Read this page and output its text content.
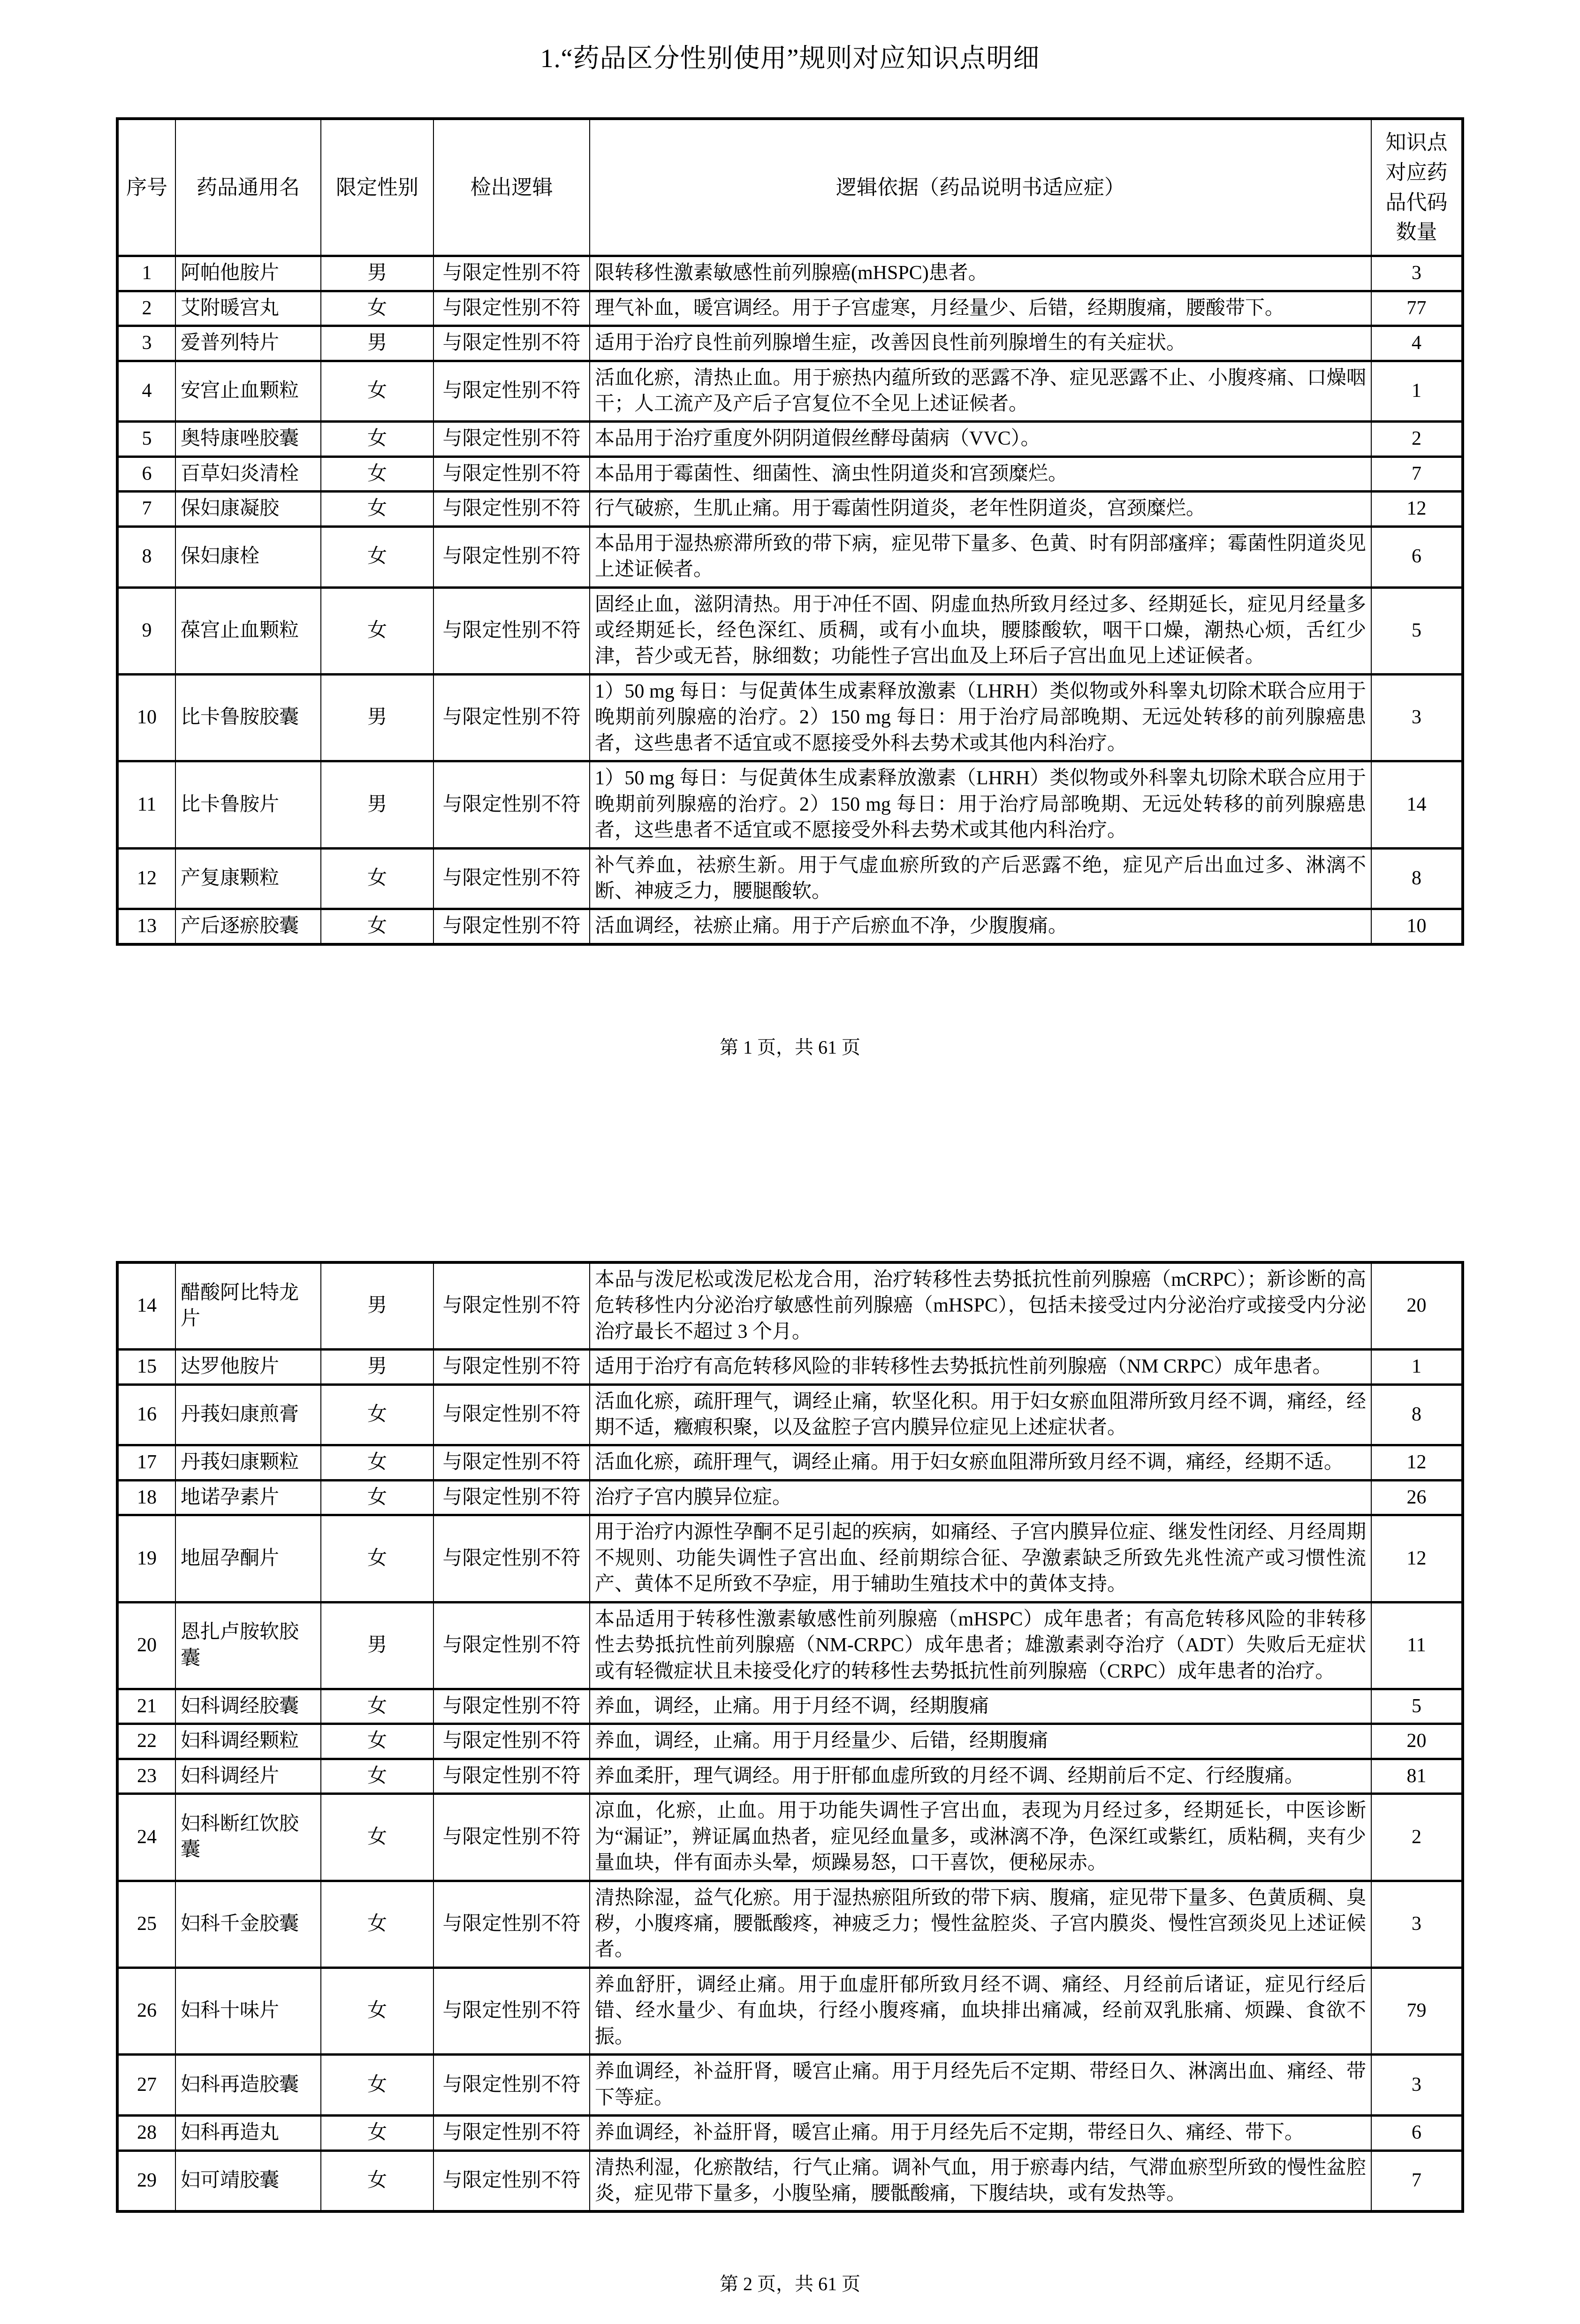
1.“药品区分性别使用”规则对应知识点明细
序号	药品通用名	限定性别	检出逻辑	逻辑依据（药品说明书适应症）	知识点对应药品代码数量
1	阿帕他胺片	男	与限定性别不符	限转移性激素敏感性前列腺癌(mHSPC)患者。	3
2	艾附暖宫丸	女	与限定性别不符	理气补血，暖宫调经。用于子宫虚寒，月经量少、后错，经期腹痛，腰酸带下。	77
3	爱普列特片	男	与限定性别不符	适用于治疗良性前列腺增生症，改善因良性前列腺增生的有关症状。	4
4	安宫止血颗粒	女	与限定性别不符	活血化瘀，清热止血。用于瘀热内蕴所致的恶露不净、症见恶露不止、小腹疼痛、口燥咽干；人工流产及产后子宫复位不全见上述证候者。	1
5	奥特康唑胶囊	女	与限定性别不符	本品用于治疗重度外阴阴道假丝酵母菌病（VVC）。	2
6	百草妇炎清栓	女	与限定性别不符	本品用于霉菌性、细菌性、滴虫性阴道炎和宫颈糜烂。	7
7	保妇康凝胶	女	与限定性别不符	行气破瘀，生肌止痛。用于霉菌性阴道炎，老年性阴道炎，宫颈糜烂。	12
8	保妇康栓	女	与限定性别不符	本品用于湿热瘀滞所致的带下病，症见带下量多、色黄、时有阴部瘙痒；霉菌性阴道炎见上述证候者。	6
9	葆宫止血颗粒	女	与限定性别不符	固经止血，滋阴清热。用于冲任不固、阴虚血热所致月经过多、经期延长，症见月经量多或经期延长，经色深红、质稠，或有小血块，腰膝酸软，咽干口燥，潮热心烦，舌红少津，苔少或无苔，脉细数；功能性子宫出血及上环后子宫出血见上述证候者。	5
10	比卡鲁胺胶囊	男	与限定性别不符	1）50 mg 每日：与促黄体生成素释放激素（LHRH）类似物或外科睾丸切除术联合应用于晚期前列腺癌的治疗。2）150 mg 每日：用于治疗局部晚期、无远处转移的前列腺癌患者，这些患者不适宜或不愿接受外科去势术或其他内科治疗。	3
11	比卡鲁胺片	男	与限定性别不符	1）50 mg 每日：与促黄体生成素释放激素（LHRH）类似物或外科睾丸切除术联合应用于晚期前列腺癌的治疗。2）150 mg 每日：用于治疗局部晚期、无远处转移的前列腺癌患者，这些患者不适宜或不愿接受外科去势术或其他内科治疗。	14
12	产复康颗粒	女	与限定性别不符	补气养血，祛瘀生新。用于气虚血瘀所致的产后恶露不绝，症见产后出血过多、淋漓不断、神疲乏力，腰腿酸软。	8
13	产后逐瘀胶囊	女	与限定性别不符	活血调经，祛瘀止痛。用于产后瘀血不净，少腹腹痛。	10
第 1 页，共 61 页
14	醋酸阿比特龙片	男	与限定性别不符	本品与泼尼松或泼尼松龙合用，治疗转移性去势抵抗性前列腺癌（mCRPC）；新诊断的高危转移性内分泌治疗敏感性前列腺癌（mHSPC），包括未接受过内分泌治疗或接受内分泌治疗最长不超过 3 个月。	20
15	达罗他胺片	男	与限定性别不符	适用于治疗有高危转移风险的非转移性去势抵抗性前列腺癌（NM CRPC）成年患者。	1
16	丹莪妇康煎膏	女	与限定性别不符	活血化瘀，疏肝理气，调经止痛，软坚化积。用于妇女瘀血阻滞所致月经不调，痛经，经期不适，癥瘕积聚，以及盆腔子宫内膜异位症见上述症状者。	8
17	丹莪妇康颗粒	女	与限定性别不符	活血化瘀，疏肝理气，调经止痛。用于妇女瘀血阻滞所致月经不调，痛经，经期不适。	12
18	地诺孕素片	女	与限定性别不符	治疗子宫内膜异位症。	26
19	地屈孕酮片	女	与限定性别不符	用于治疗内源性孕酮不足引起的疾病，如痛经、子宫内膜异位症、继发性闭经、月经周期不规则、功能失调性子宫出血、经前期综合征、孕激素缺乏所致先兆性流产或习惯性流产、黄体不足所致不孕症，用于辅助生殖技术中的黄体支持。	12
20	恩扎卢胺软胶囊	男	与限定性别不符	本品适用于转移性激素敏感性前列腺癌（mHSPC）成年患者；有高危转移风险的非转移性去势抵抗性前列腺癌（NM-CRPC）成年患者；雄激素剥夺治疗（ADT）失败后无症状或有轻微症状且未接受化疗的转移性去势抵抗性前列腺癌（CRPC）成年患者的治疗。	11
21	妇科调经胶囊	女	与限定性别不符	养血，调经，止痛。用于月经不调，经期腹痛	5
22	妇科调经颗粒	女	与限定性别不符	养血，调经，止痛。用于月经量少、后错，经期腹痛	20
23	妇科调经片	女	与限定性别不符	养血柔肝，理气调经。用于肝郁血虚所致的月经不调、经期前后不定、行经腹痛。	81
24	妇科断红饮胶囊	女	与限定性别不符	凉血，化瘀，止血。用于功能失调性子宫出血，表现为月经过多，经期延长，中医诊断为“漏证”，辨证属血热者，症见经血量多，或淋漓不净，色深红或紫红，质粘稠，夹有少量血块，伴有面赤头晕，烦躁易怒，口干喜饮，便秘尿赤。	2
25	妇科千金胶囊	女	与限定性别不符	清热除湿，益气化瘀。用于湿热瘀阻所致的带下病、腹痛，症见带下量多、色黄质稠、臭秽，小腹疼痛，腰骶酸疼，神疲乏力；慢性盆腔炎、子宫内膜炎、慢性宫颈炎见上述证候者。	3
26	妇科十味片	女	与限定性别不符	养血舒肝，调经止痛。用于血虚肝郁所致月经不调、痛经、月经前后诸证，症见行经后错、经水量少、有血块，行经小腹疼痛，血块排出痛减，经前双乳胀痛、烦躁、食欲不振。	79
27	妇科再造胶囊	女	与限定性别不符	养血调经，补益肝肾，暖宫止痛。用于月经先后不定期、带经日久、淋漓出血、痛经、带下等症。	3
28	妇科再造丸	女	与限定性别不符	养血调经，补益肝肾，暖宫止痛。用于月经先后不定期，带经日久、痛经、带下。	6
29	妇可靖胶囊	女	与限定性别不符	清热利湿，化瘀散结，行气止痛。调补气血，用于瘀毒内结，气滞血瘀型所致的慢性盆腔炎，症见带下量多，小腹坠痛，腰骶酸痛，下腹结块，或有发热等。	7
第 2 页，共 61 页
